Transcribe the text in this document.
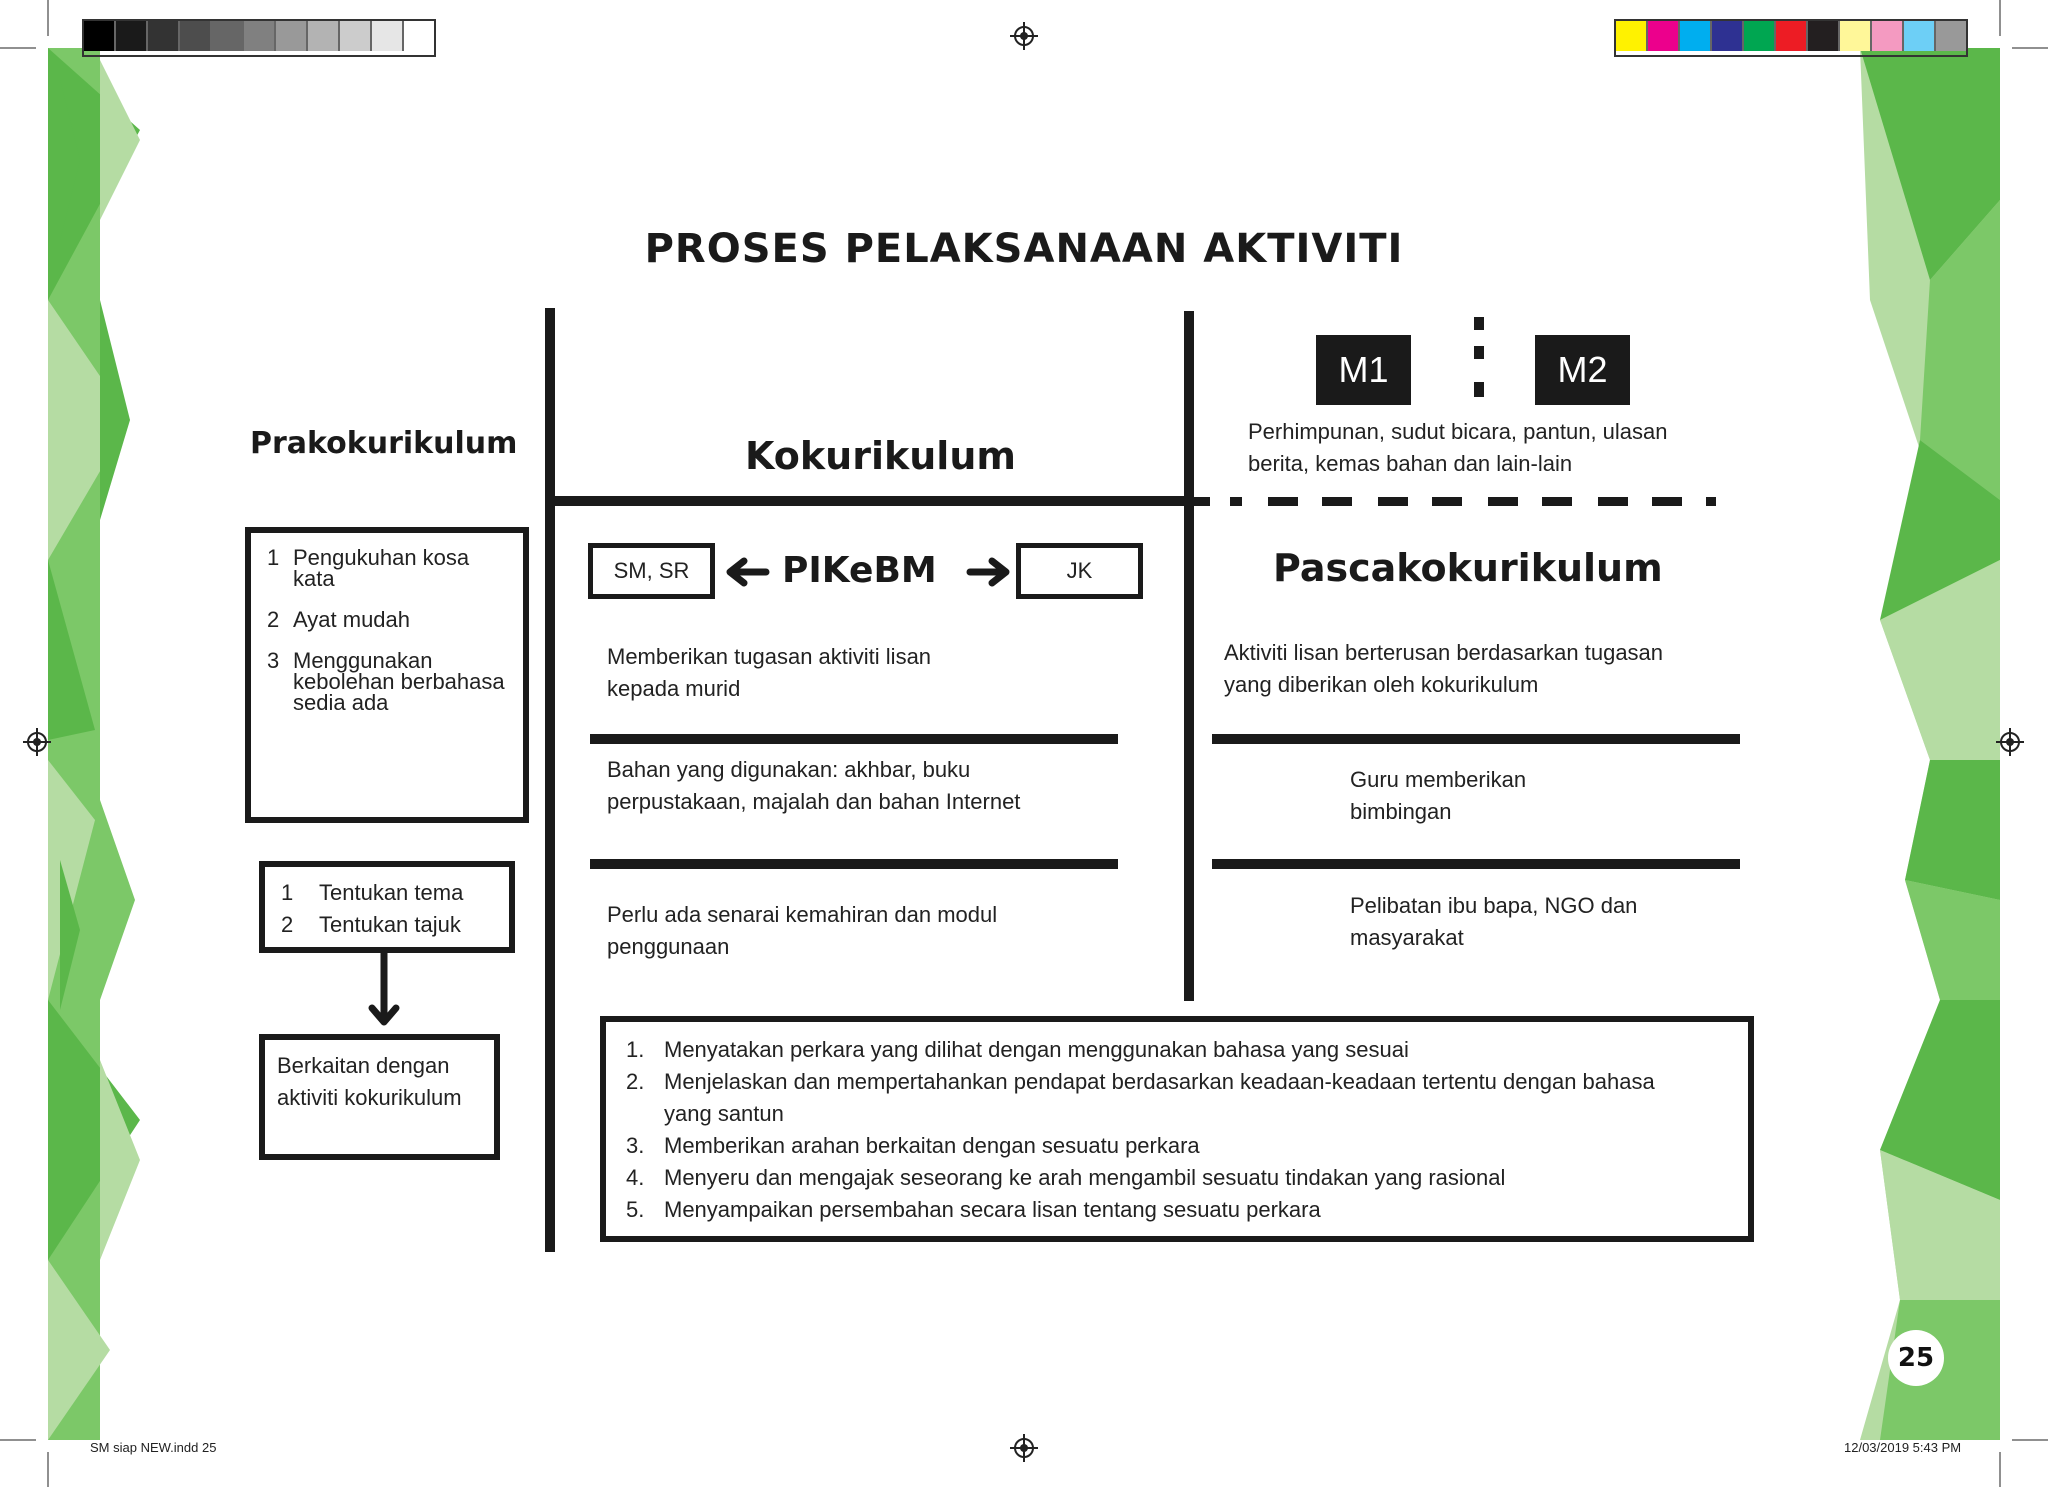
PROSES PELAKSANAAN AKTIVITI
Prakokurikulum
1 Pengukuhan kosa kata
2 Ayat mudah
3 Menggunakan kebolehan berbahasa sedia ada
1	Tentukan tema
2	Tentukan tajuk
Berkaitan dengan aktiviti kokurikulum
Kokurikulum
SM, SR	PIKeBM	JK
Memberikan tugasan aktiviti lisan kepada murid
Bahan yang digunakan: akhbar, buku perpustakaan, majalah dan bahan Internet
Perlu ada senarai kemahiran dan modul penggunaan
M1	M2
Perhimpunan, sudut bicara, pantun, ulasan berita, kemas bahan dan lain-lain
Pascakokurikulum
Aktiviti lisan berterusan berdasarkan tugasan yang diberikan oleh kokurikulum
Guru memberikan bimbingan
Pelibatan ibu bapa, NGO dan masyarakat
1. Menyatakan perkara yang dilihat dengan menggunakan bahasa yang sesuai
2. Menjelaskan dan mempertahankan pendapat berdasarkan keadaan-keadaan tertentu dengan bahasa yang santun
3. Memberikan arahan berkaitan dengan sesuatu perkara
4. Menyeru dan mengajak seseorang ke arah mengambil sesuatu tindakan yang rasional
5. Menyampaikan persembahan secara lisan tentang sesuatu perkara
25
SM siap NEW.indd 25	12/03/2019 5:43 PM
